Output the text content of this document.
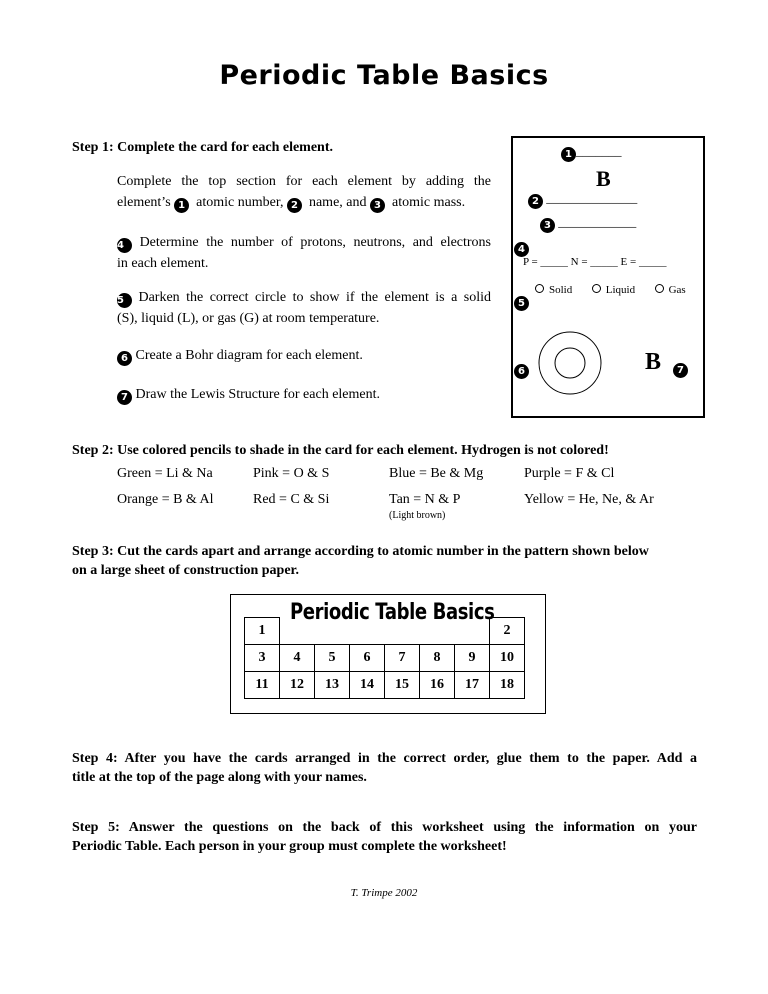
Periodic Table Basics
Step 1: Complete the card for each element.
Complete the top section for each element by adding the
element’s 1 atomic number, 2 name, and 3 atomic mass.
4 Determine the number of protons, neutrons, and electrons
in each element.
5 Darken the correct circle to show if the element is a solid
(S), liquid (L), or gas (G) at room temperature.
6 Create a Bohr diagram for each element.
7 Draw the Lewis Structure for each element.
1 _______
B
2 ______________
3 ____________
4
P = _____ N = _____ E = _____
5
Solid	Liquid	Gas
6	B	7
Step 2: Use colored pencils to shade in the card for each element. Hydrogen is not colored!
Green = Li & Na	Pink = O & S	Blue = Be & Mg	Purple = F & Cl
Orange = B & Al	Red = C & Si	Tan = N & P	Yellow = He, Ne, & Ar
(Light brown)
Step 3: Cut the cards apart and arrange according to atomic number in the pattern shown below
on a large sheet of construction paper.
Periodic Table Basics
1							2
3	4	5	6	7	8	9	10
11	12	13	14	15	16	17	18
Step 4: After you have the cards arranged in the correct order, glue them to the paper. Add a
title at the top of the page along with your names.
Step 5: Answer the questions on the back of this worksheet using the information on your
Periodic Table. Each person in your group must complete the worksheet!
T. Trimpe 2002
